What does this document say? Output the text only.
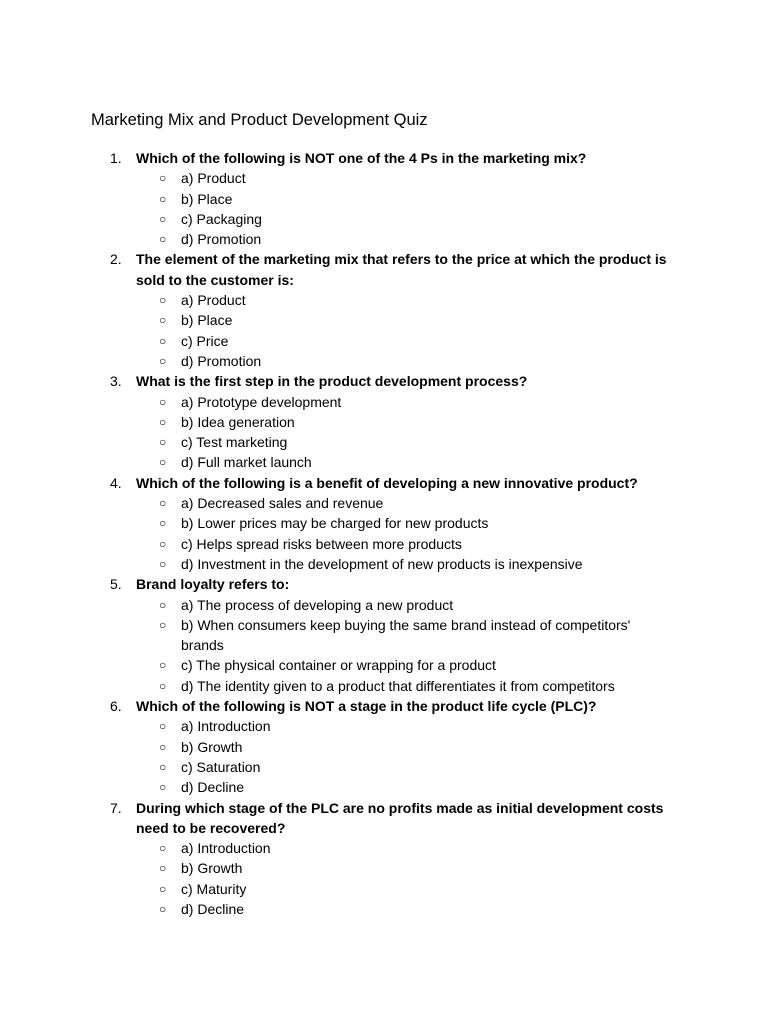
Marketing Mix and Product Development Quiz
1.	Which of the following is NOT one of the 4 Ps in the marketing mix?
○ a) Product
○ b) Place
○ c) Packaging
○ d) Promotion
2.	The element of the marketing mix that refers to the price at which the product is sold to the customer is:
○ a) Product
○ b) Place
○ c) Price
○ d) Promotion
3.	What is the first step in the product development process?
○ a) Prototype development
○ b) Idea generation
○ c) Test marketing
○ d) Full market launch
4.	Which of the following is a benefit of developing a new innovative product?
○ a) Decreased sales and revenue
○ b) Lower prices may be charged for new products
○ c) Helps spread risks between more products
○ d) Investment in the development of new products is inexpensive
5.	Brand loyalty refers to:
○ a) The process of developing a new product
○ b) When consumers keep buying the same brand instead of competitors' brands
○ c) The physical container or wrapping for a product
○ d) The identity given to a product that differentiates it from competitors
6.	Which of the following is NOT a stage in the product life cycle (PLC)?
○ a) Introduction
○ b) Growth
○ c) Saturation
○ d) Decline
7.	During which stage of the PLC are no profits made as initial development costs need to be recovered?
○ a) Introduction
○ b) Growth
○ c) Maturity
○ d) Decline
